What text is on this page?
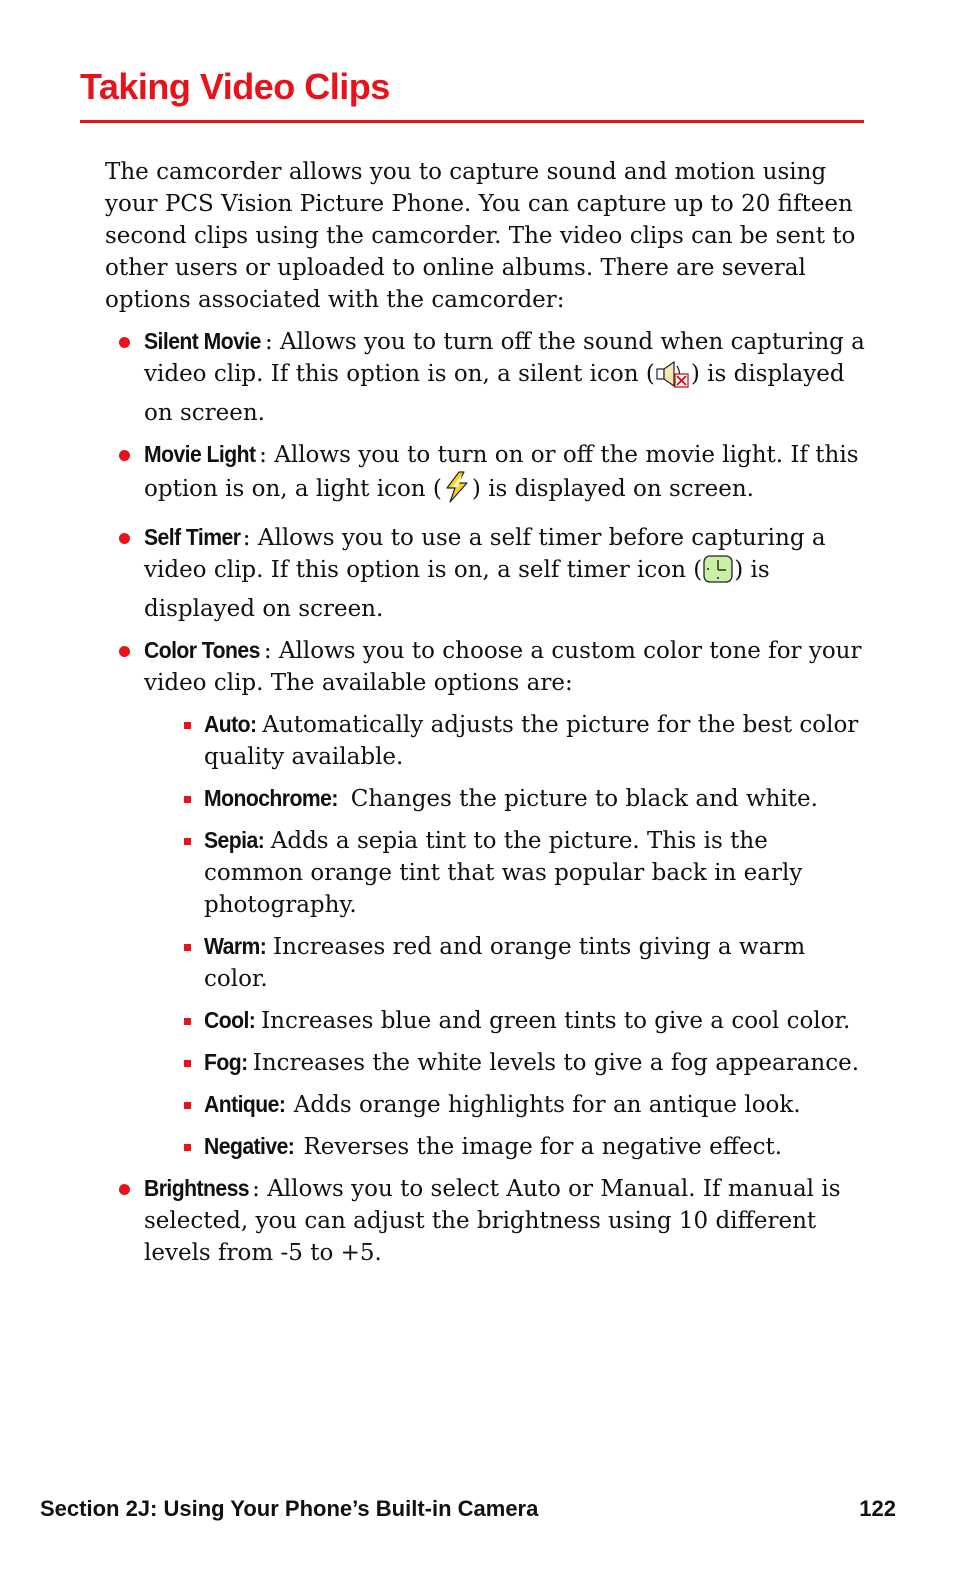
Taking Video Clips

The camcorder allows you to capture sound and motion using your PCS Vision Picture Phone. You can capture up to 20 fifteen second clips using the camcorder. The video clips can be sent to other users or uploaded to online albums. There are several options associated with the camcorder:

Silent Movie : Allows you to turn off the sound when capturing a video clip. If this option is on, a silent icon ( ) is displayed on screen.
Movie Light : Allows you to turn on or off the movie light. If this option is on, a light icon ( ) is displayed on screen.
Self Timer : Allows you to use a self timer before capturing a video clip. If this option is on, a self timer icon ( ) is displayed on screen.
Color Tones : Allows you to choose a custom color tone for your video clip. The available options are:
Auto: Automatically adjusts the picture for the best color quality available.
Monochrome: Changes the picture to black and white.
Sepia: Adds a sepia tint to the picture. This is the common orange tint that was popular back in early photography.
Warm: Increases red and orange tints giving a warm color.
Cool: Increases blue and green tints to give a cool color.
Fog: Increases the white levels to give a fog appearance.
Antique: Adds orange highlights for an antique look.
Negative: Reverses the image for a negative effect.
Brightness : Allows you to select Auto or Manual. If manual is selected, you can adjust the brightness using 10 different levels from -5 to +5.
Section 2J: Using Your Phone’s Built-in Camera	122
